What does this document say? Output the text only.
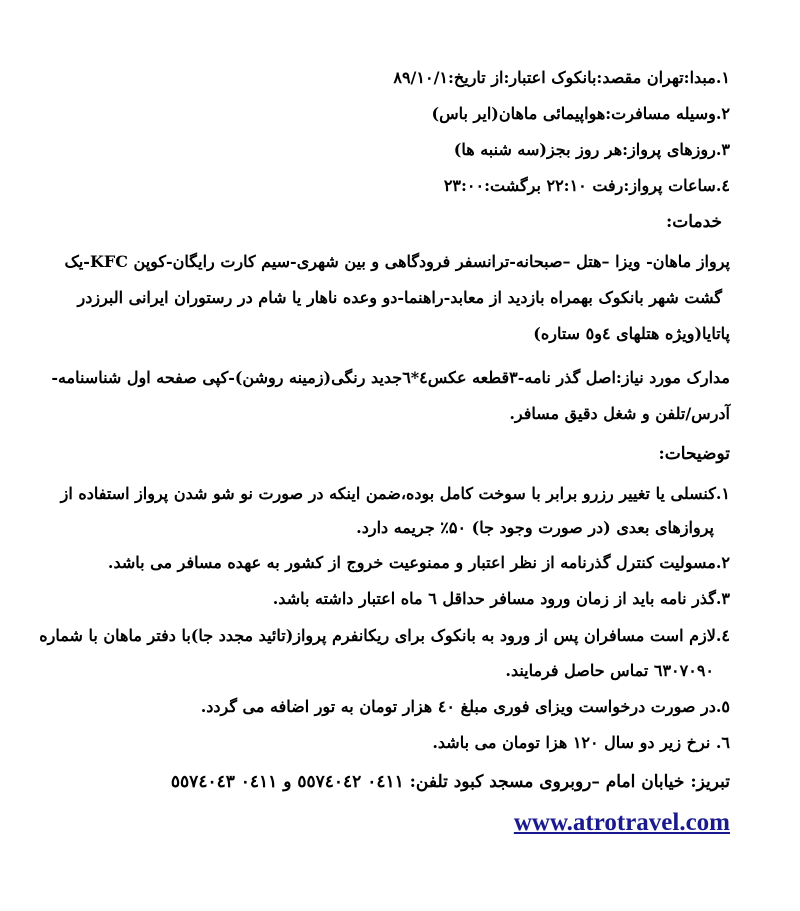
۱.مبدا:تهران مقصد:بانکوک اعتبار:از تاریخ:۸۹/۱۰/۱
۲.وسیله مسافرت:هواپیمائی ماهان(ایر باس)
۳.روزهای پرواز:هر روز بجز(سه شنبه ها)
٤.ساعات پرواز:رفت ۲۲:۱۰ برگشت:۲۳:۰۰
خدمات:
پرواز ماهان- ویزا –هتل –صبحانه-ترانسفر فرودگاهی و بین شهری-سیم کارت رایگان-کوپن KFC-یک
گشت شهر بانکوک بهمراه بازدید از معابد-راهنما-دو وعده ناهار یا شام در رستوران ایرانی البرزدر
پاتایا(ویژه هتلهای ٤و٥ ستاره)
مدارک مورد نیاز:اصل گذر نامه-۳قطعه عکس٤*٦جدید رنگی(زمینه روشن)-کپی صفحه اول شناسنامه-
آدرس/تلفن و شغل دقیق مسافر.
توضیحات:
۱.کنسلی یا تغییر رزرو برابر با سوخت کامل بوده،ضمن اینکه در صورت نو شو شدن پرواز استفاده از
پروازهای بعدی (در صورت وجود جا) ۵۰٪ جریمه دارد.
۲.مسولیت کنترل گذرنامه از نظر اعتبار و ممنوعیت خروج از کشور به عهده مسافر می باشد.
۳.گذر نامه باید از زمان ورود مسافر حداقل ٦ ماه اعتبار داشته باشد.
٤.لازم است مسافران پس از ورود به بانکوک برای ریکانفرم پرواز(تائید مجدد جا)با دفتر ماهان با شماره
٦۳۰۷۰۹۰ تماس حاصل فرمایند.
٥.در صورت درخواست ویزای فوری مبلغ ٤۰ هزار تومان به تور اضافه می گردد.
٦. نرخ زیر دو سال ۱۲۰ هزا تومان می باشد.
تبریز: خیابان امام –روبروی مسجد کبود تلفن: ۰٤۱۱ ٥٥٧٤۰٤۲ و ۰٤۱۱ ٥٥٧٤۰٤۳
www.atrotravel.com
